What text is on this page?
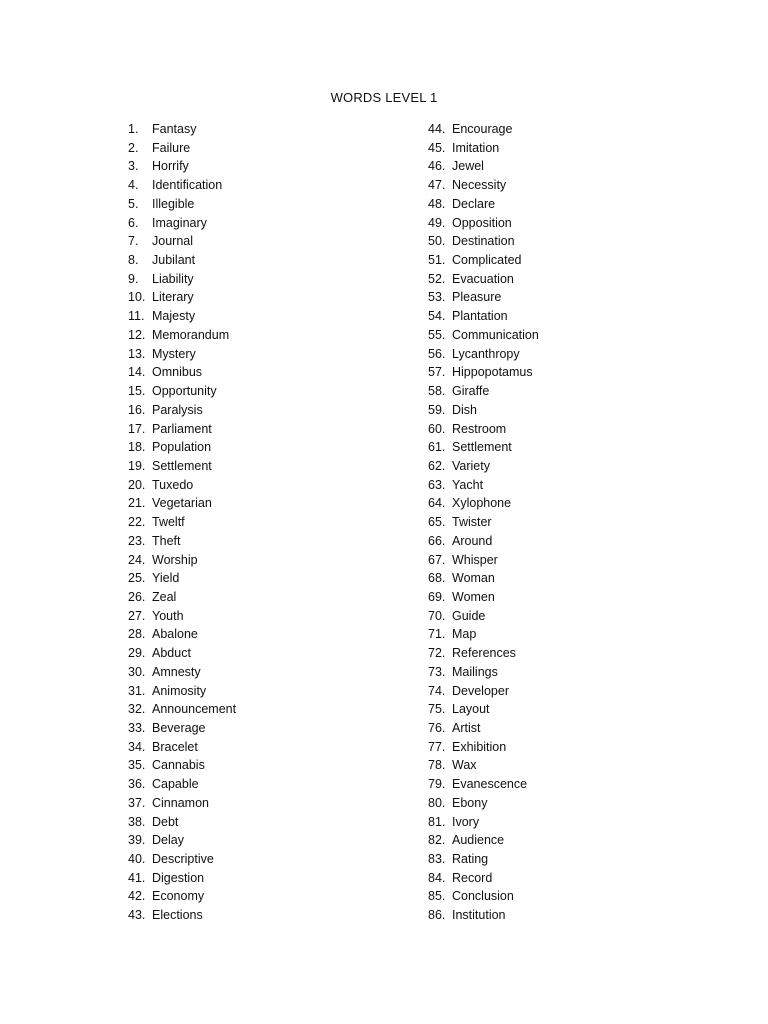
WORDS LEVEL 1
1.	Fantasy
2.	Failure
3.	Horrify
4.	Identification
5.	Illegible
6.	Imaginary
7.	Journal
8.	Jubilant
9.	Liability
10. Literary
11. Majesty
12. Memorandum
13. Mystery
14. Omnibus
15. Opportunity
16. Paralysis
17. Parliament
18. Population
19. Settlement
20. Tuxedo
21. Vegetarian
22. Tweltf
23. Theft
24. Worship
25. Yield
26. Zeal
27. Youth
28. Abalone
29. Abduct
30. Amnesty
31. Animosity
32. Announcement
33. Beverage
34. Bracelet
35. Cannabis
36. Capable
37. Cinnamon
38. Debt
39. Delay
40. Descriptive
41. Digestion
42. Economy
43. Elections
44. Encourage
45. Imitation
46. Jewel
47. Necessity
48. Declare
49. Opposition
50. Destination
51. Complicated
52. Evacuation
53. Pleasure
54. Plantation
55. Communication
56. Lycanthropy
57. Hippopotamus
58. Giraffe
59. Dish
60. Restroom
61. Settlement
62. Variety
63. Yacht
64. Xylophone
65. Twister
66. Around
67. Whisper
68. Woman
69. Women
70. Guide
71. Map
72. References
73. Mailings
74. Developer
75. Layout
76. Artist
77. Exhibition
78. Wax
79. Evanescence
80. Ebony
81. Ivory
82. Audience
83. Rating
84. Record
85. Conclusion
86. Institution
